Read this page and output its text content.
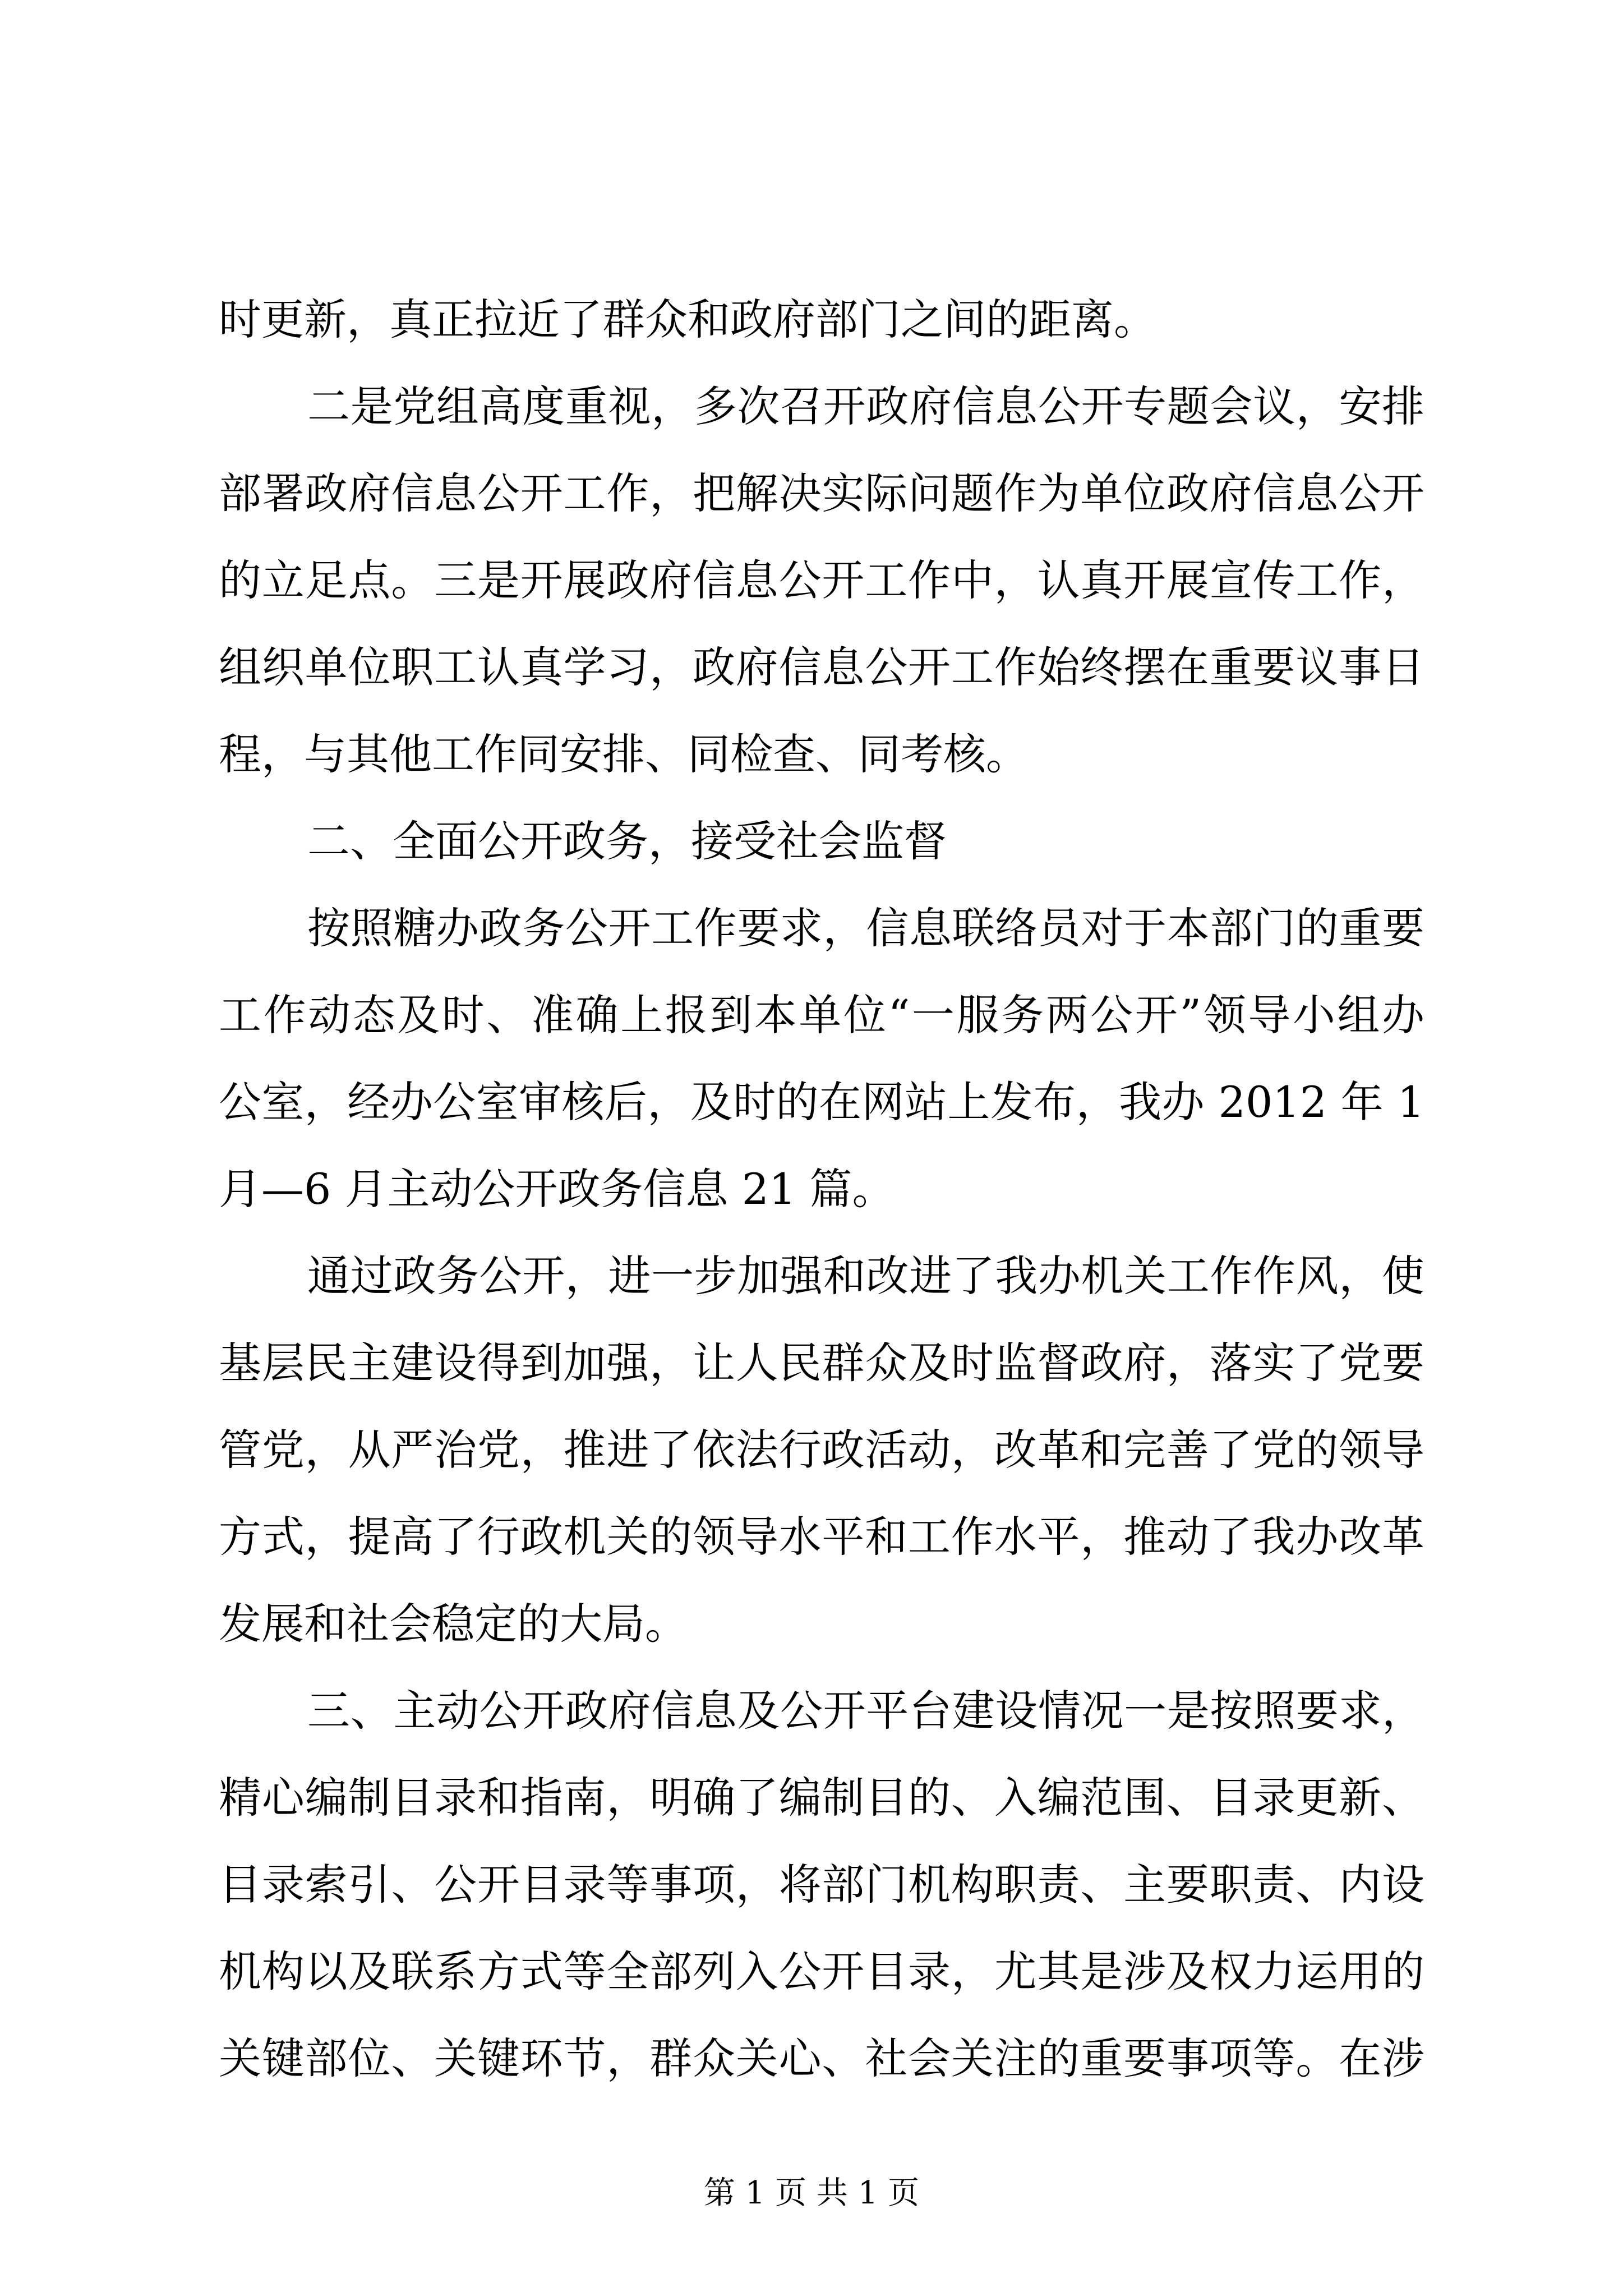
时更新，真正拉近了群众和政府部门之间的距离。
二是党组高度重视，多次召开政府信息公开专题会议，安排
部署政府信息公开工作，把解决实际问题作为单位政府信息公开
的立足点。三是开展政府信息公开工作中，认真开展宣传工作，
组织单位职工认真学习，政府信息公开工作始终摆在重要议事日
程，与其他工作同安排、同检查、同考核。
二、全面公开政务，接受社会监督
按照糖办政务公开工作要求，信息联络员对于本部门的重要
工作动态及时、准确上报到本单位“一服务两公开”领导小组办
公室，经办公室审核后，及时的在网站上发布，我办 2012 年 1
月—6 月主动公开政务信息 21 篇。
通过政务公开，进一步加强和改进了我办机关工作作风，使
基层民主建设得到加强，让人民群众及时监督政府，落实了党要
管党，从严治党，推进了依法行政活动，改革和完善了党的领导
方式，提高了行政机关的领导水平和工作水平，推动了我办改革
发展和社会稳定的大局。
三、主动公开政府信息及公开平台建设情况一是按照要求，
精心编制目录和指南，明确了编制目的、入编范围、目录更新、
目录索引、公开目录等事项，将部门机构职责、主要职责、内设
机构以及联系方式等全部列入公开目录，尤其是涉及权力运用的
关键部位、关键环节，群众关心、社会关注的重要事项等。在涉
第 1 页 共 1 页
